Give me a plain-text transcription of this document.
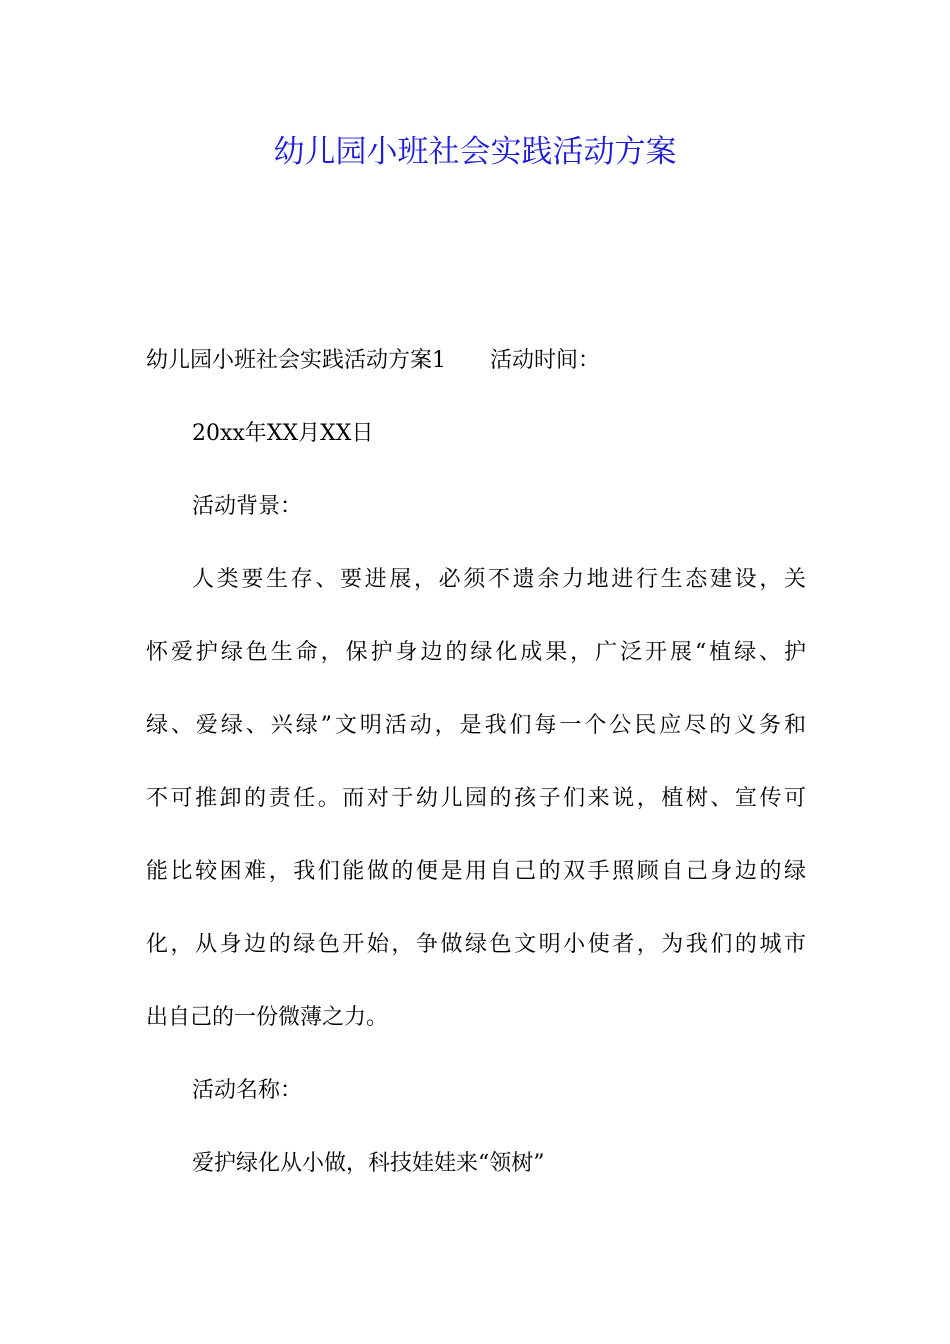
幼儿园小班社会实践活动方案
幼儿园小班社会实践活动方案1 活动时间：
20xx年XX月XX日
活动背景：
人类要生存、要进展，必须不遗余力地进行生态建设，关
怀爱护绿色生命，保护身边的绿化成果，广泛开展“植绿、护
绿、爱绿、兴绿”文明活动，是我们每一个公民应尽的义务和
不可推卸的责任。而对于幼儿园的孩子们来说，植树、宣传可
能比较困难，我们能做的便是用自己的双手照顾自己身边的绿
化，从身边的绿色开始，争做绿色文明小使者，为我们的城市
出自己的一份微薄之力。
活动名称：
爱护绿化从小做，科技娃娃来“领树”
